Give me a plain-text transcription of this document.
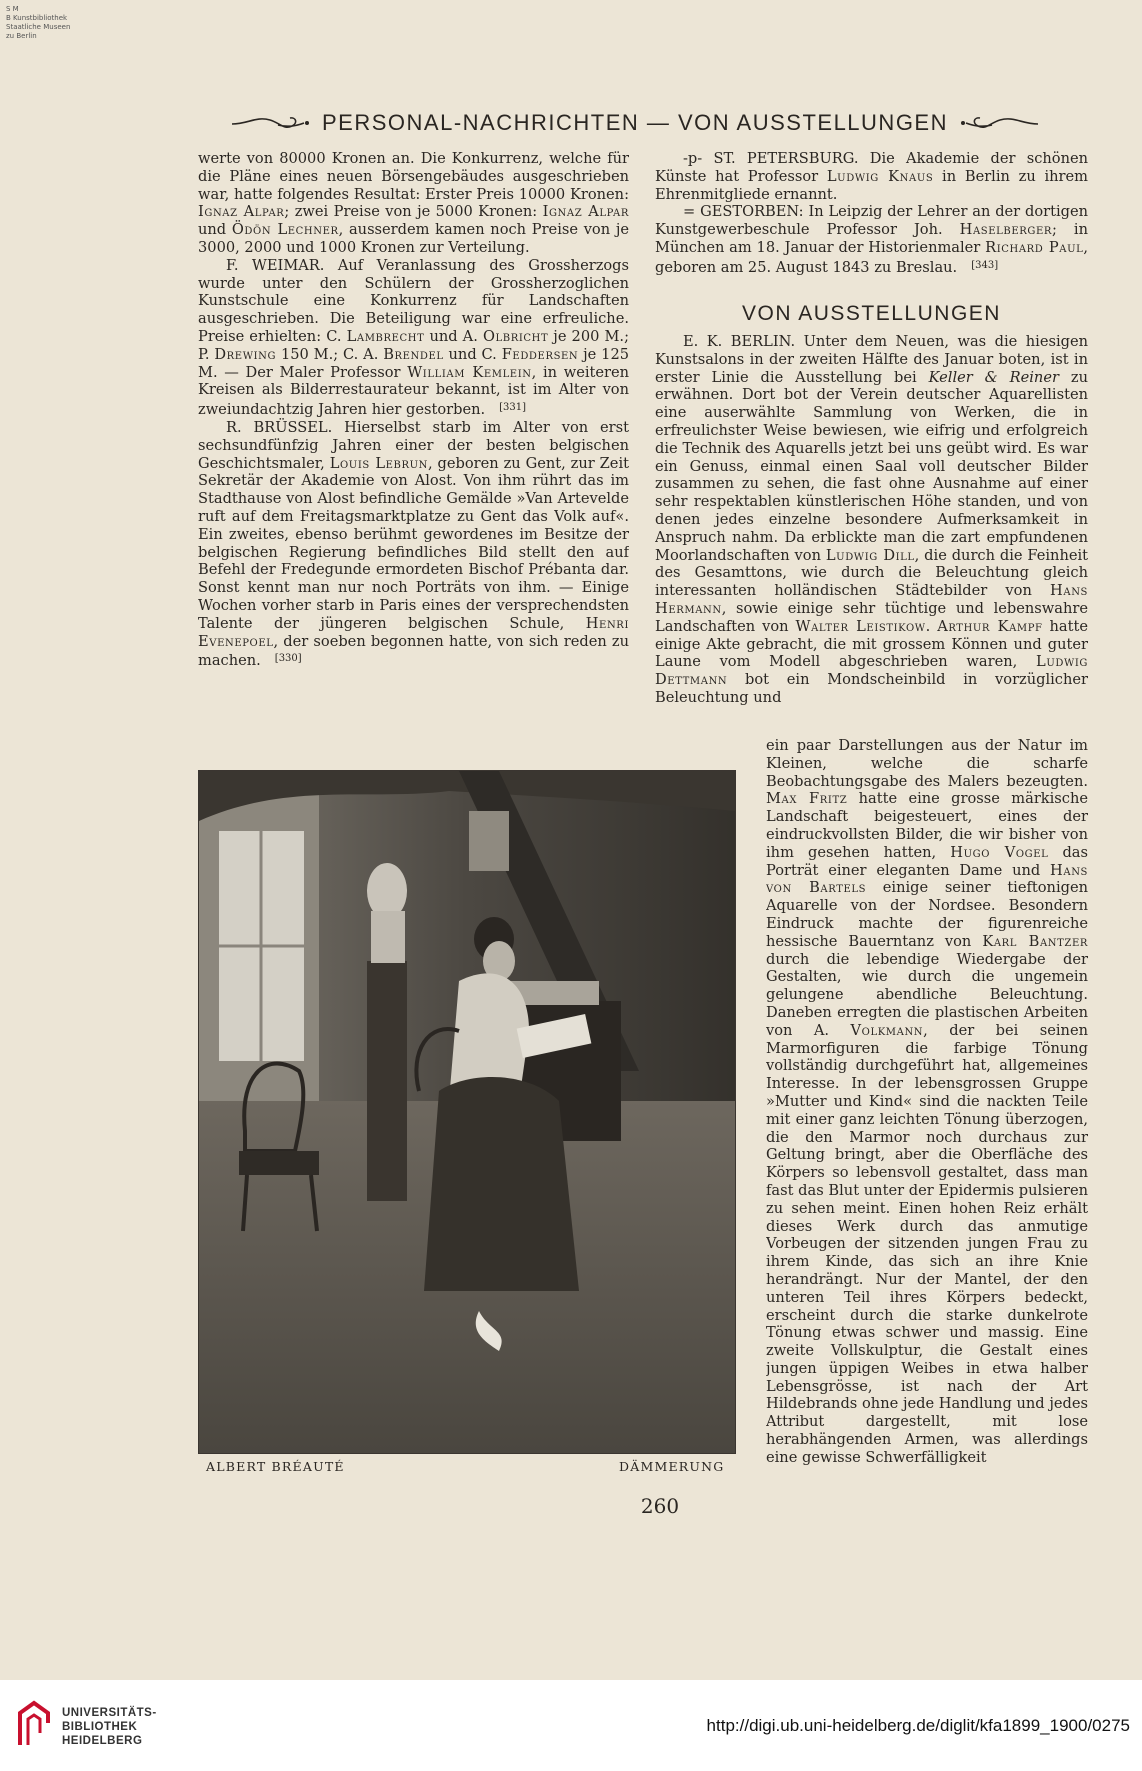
S M
B Kunstbibliothek
Staatliche Museen
zu Berlin
PERSONAL-NACHRICHTEN — VON AUSSTELLUNGEN

werte von 80000 Kronen an. Die Konkurrenz, welche für die Pläne eines neuen Börsengebäudes ausgeschrieben war, hatte folgendes Resultat: Erster Preis 10000 Kronen: Ignaz Alpar; zwei Preise von je 5000 Kronen: Ignaz Alpar und Ödön Lechner, ausserdem kamen noch Preise von je 3000, 2000 und 1000 Kronen zur Verteilung.

F. WEIMAR. Auf Veranlassung des Grossherzogs wurde unter den Schülern der Grossherzoglichen Kunstschule eine Konkurrenz für Landschaften ausgeschrieben. Die Beteiligung war eine erfreuliche. Preise erhielten: C. Lambrecht und A. Olbricht je 200 M.; P. Drewing 150 M.; C. A. Brendel und C. Feddersen je 125 M. — Der Maler Professor William Kemlein, in weiteren Kreisen als Bilderrestaurateur bekannt, ist im Alter von zweiundachtzig Jahren hier gestorben. [331]

R. BRÜSSEL. Hierselbst starb im Alter von erst sechsundfünfzig Jahren einer der besten belgischen Geschichtsmaler, Louis Lebrun, geboren zu Gent, zur Zeit Sekretär der Akademie von Alost. Von ihm rührt das im Stadthause von Alost befindliche Gemälde »Van Artevelde ruft auf dem Freitagsmarktplatze zu Gent das Volk auf«. Ein zweites, ebenso berühmt gewordenes im Besitze der belgischen Regierung befindliches Bild stellt den auf Befehl der Fredegunde ermordeten Bischof Prébanta dar. Sonst kennt man nur noch Porträts von ihm. — Einige Wochen vorher starb in Paris eines der versprechendsten Talente der jüngeren belgischen Schule, Henri Evenepoel, der soeben begonnen hatte, von sich reden zu machen. [330]

-p- ST. PETERSBURG. Die Akademie der schönen Künste hat Professor Ludwig Knaus in Berlin zu ihrem Ehrenmitgliede ernannt.

= GESTORBEN: In Leipzig der Lehrer an der dortigen Kunstgewerbeschule Professor Joh. Haselberger; in München am 18. Januar der Historienmaler Richard Paul, geboren am 25. August 1843 zu Breslau. [343]

VON AUSSTELLUNGEN

E. K. BERLIN. Unter dem Neuen, was die hiesigen Kunstsalons in der zweiten Hälfte des Januar boten, ist in erster Linie die Ausstellung bei Keller & Reiner zu erwähnen. Dort bot der Verein deutscher Aquarellisten eine auserwählte Sammlung von Werken, die in erfreulichster Weise bewiesen, wie eifrig und erfolgreich die Technik des Aquarells jetzt bei uns geübt wird. Es war ein Genuss, einmal einen Saal voll deutscher Bilder zusammen zu sehen, die fast ohne Ausnahme auf einer sehr respektablen künstlerischen Höhe standen, und von denen jedes einzelne besondere Aufmerksamkeit in Anspruch nahm. Da erblickte man die zart empfundenen Moorlandschaften von Ludwig Dill, die durch die Feinheit des Gesamttons, wie durch die Beleuchtung gleich interessanten holländischen Städtebilder von Hans Hermann, sowie einige sehr tüchtige und lebenswahre Landschaften von Walter Leistikow. Arthur Kampf hatte einige Akte gebracht, die mit grossem Können und guter Laune vom Modell abgeschrieben waren, Ludwig Dettmann bot ein Mondscheinbild in vorzüglicher Beleuchtung und

ein paar Darstellungen aus der Natur im Kleinen, welche die scharfe Beobachtungsgabe des Malers bezeugten. Max Fritz hatte eine grosse märkische Landschaft beigesteuert, eines der eindruckvollsten Bilder, die wir bisher von ihm gesehen hatten, Hugo Vogel das Porträt einer eleganten Dame und Hans von Bartels einige seiner tieftonigen Aquarelle von der Nordsee. Besondern Eindruck machte der figurenreiche hessische Bauerntanz von Karl Bantzer durch die lebendige Wiedergabe der Gestalten, wie durch die ungemein gelungene abendliche Beleuchtung. Daneben erregten die plastischen Arbeiten von A. Volkmann, der bei seinen Marmorfiguren die farbige Tönung vollständig durchgeführt hat, allgemeines Interesse. In der lebensgrossen Gruppe »Mutter und Kind« sind die nackten Teile mit einer ganz leichten Tönung überzogen, die den Marmor noch durchaus zur Geltung bringt, aber die Oberfläche des Körpers so lebensvoll gestaltet, dass man fast das Blut unter der Epidermis pulsieren zu sehen meint. Einen hohen Reiz erhält dieses Werk durch das anmutige Vorbeugen der sitzenden jungen Frau zu ihrem Kinde, das sich an ihre Knie herandrängt. Nur der Mantel, der den unteren Teil ihres Körpers bedeckt, erscheint durch die starke dunkelrote Tönung etwas schwer und massig. Eine zweite Vollskulptur, die Gestalt eines jungen üppigen Weibes in etwa halber Lebensgrösse, ist nach der Art Hildebrands ohne jede Handlung und jedes Attribut dargestellt, mit lose herabhängenden Armen, was allerdings eine gewisse Schwerfälligkeit

ALBERT BRÉAUTÉ	DÄMMERUNG
260
UNIVERSITÄTS-
BIBLIOTHEK
HEIDELBERG
http://digi.ub.uni-heidelberg.de/diglit/kfa1899_1900/0275
